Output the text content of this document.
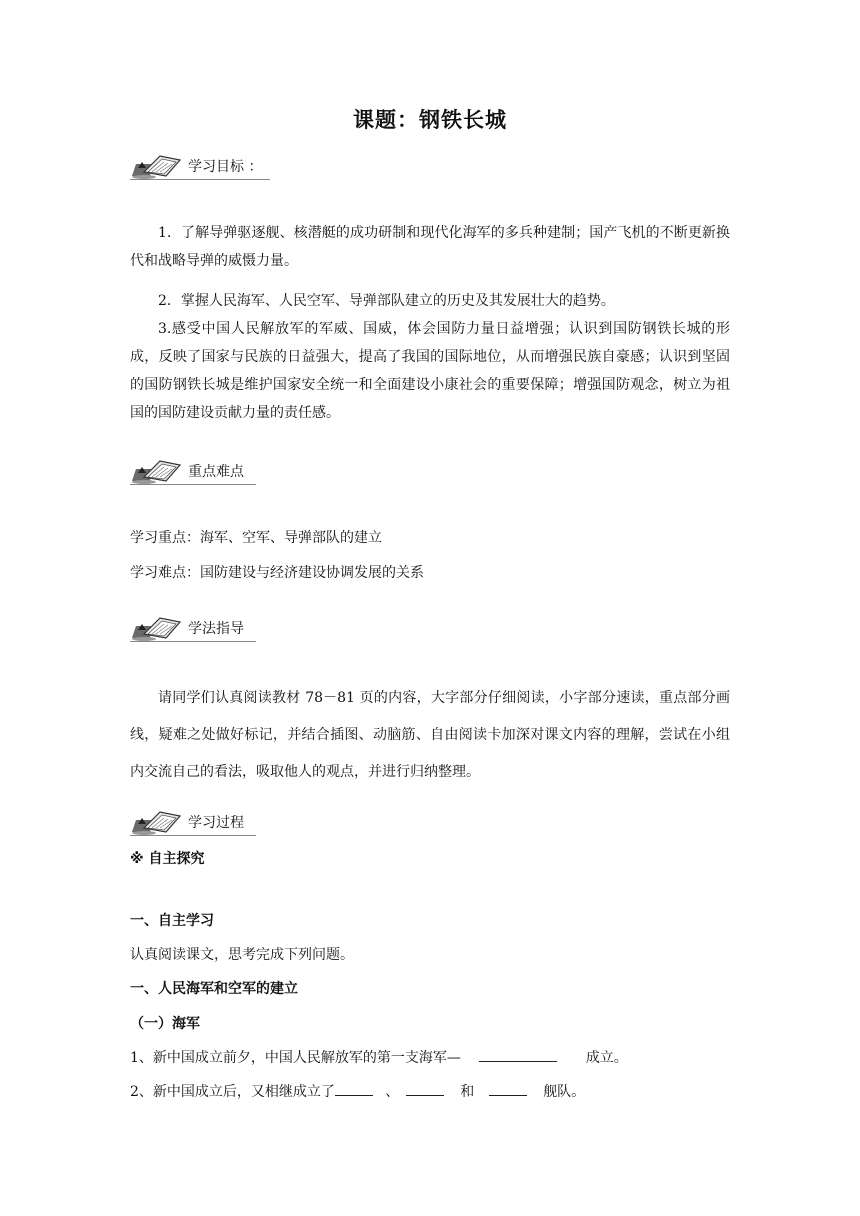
课题：钢铁长城
学习目标 ：
1．了解导弹驱逐舰、核潜艇的成功研制和现代化海军的多兵种建制；国产飞机的不断更新换代和战略导弹的威慑力量。
2．掌握人民海军、人民空军、导弹部队建立的历史及其发展壮大的趋势。
3.感受中国人民解放军的军威、国威，体会国防力量日益增强；认识到国防钢铁长城的形成，反映了国家与民族的日益强大，提高了我国的国际地位，从而增强民族自豪感；认识到坚固的国防钢铁长城是维护国家安全统一和全面建设小康社会的重要保障；增强国防观念，树立为祖国的国防建设贡献力量的责任感。
重点难点
学习重点：海军、空军、导弹部队的建立
学习难点：国防建设与经济建设协调发展的关系
学法指导
请同学们认真阅读教材 78－81 页的内容，大字部分仔细阅读，小字部分速读，重点部分画线，疑难之处做好标记，并结合插图、动脑筋、自由阅读卡加深对课文内容的理解，尝试在小组内交流自己的看法，吸取他人的观点，并进行归纳整理。
学习过程
※ 自主探究
一、自主学习
认真阅读课文，思考完成下列问题。
一、人民海军和空军的建立
（一）海军
1、新中国成立前夕，中国人民解放军的第一支海军—	成立。
2、新中国成立后，又相继成立了	、	和	舰队。
